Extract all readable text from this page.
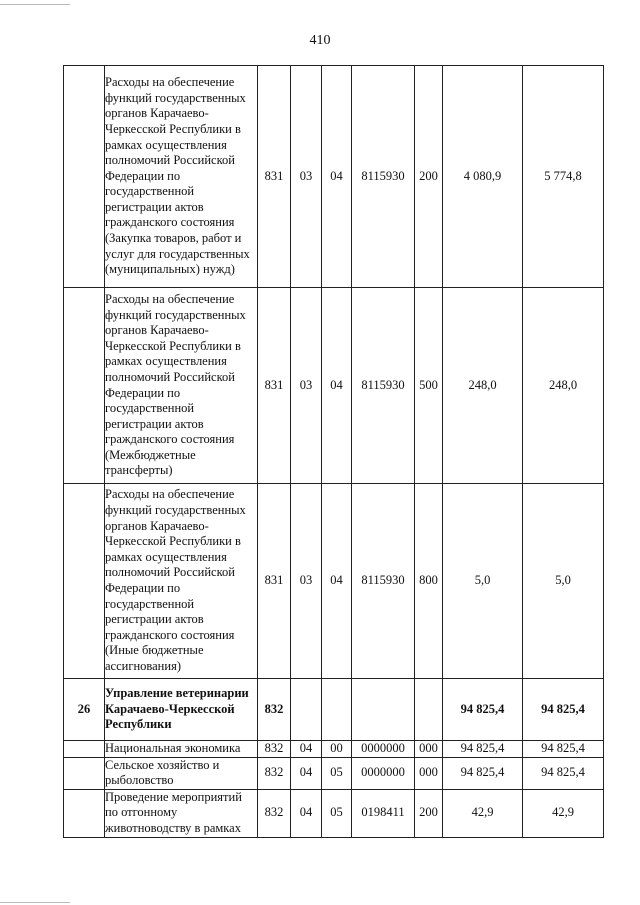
410
	Расходы на обеспечение функций государственных органов Карачаево-Черкесской Республики в рамках осуществления полномочий Российской Федерации по государственной регистрации актов гражданского состояния (Закупка товаров, работ и услуг для государственных (муниципальных) нужд)	831	03	04	8115930	200	4 080,9	5 774,8
	Расходы на обеспечение функций государственных органов Карачаево-Черкесской Республики в рамках осуществления полномочий Российской Федерации по государственной регистрации актов гражданского состояния (Межбюджетные трансферты)	831	03	04	8115930	500	248,0	248,0
	Расходы на обеспечение функций государственных органов Карачаево-Черкесской Республики в рамках осуществления полномочий Российской Федерации по государственной регистрации актов гражданского состояния (Иные бюджетные ассигнования)	831	03	04	8115930	800	5,0	5,0
26	Управление ветеринарии Карачаево-Черкесской Республики	832					94 825,4	94 825,4
	Национальная экономика	832	04	00	0000000	000	94 825,4	94 825,4
	Сельское хозяйство и рыболовство	832	04	05	0000000	000	94 825,4	94 825,4
	Проведение мероприятий по отгонному животноводству в рамках	832	04	05	0198411	200	42,9	42,9
